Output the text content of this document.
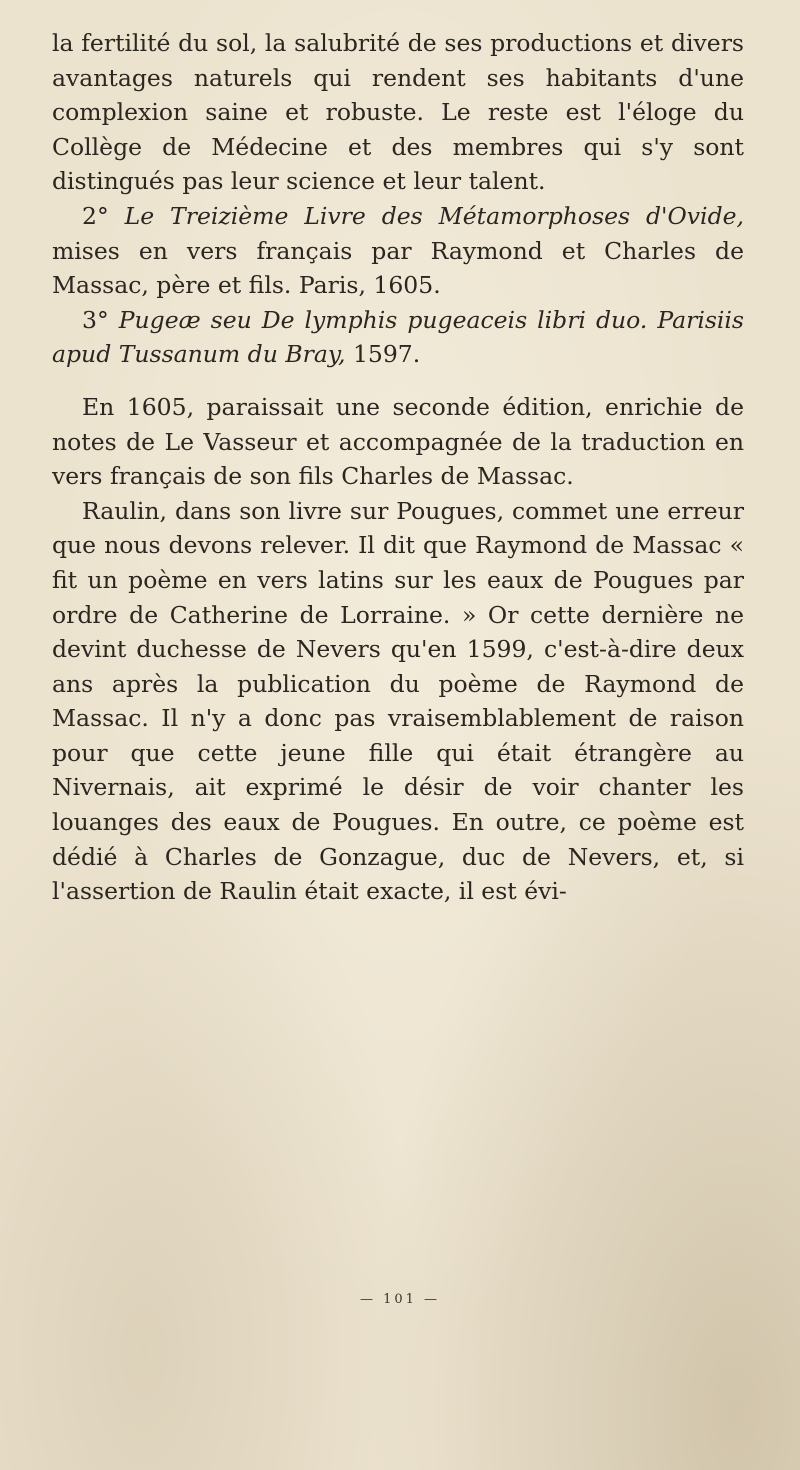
la fertilité du sol, la salubrité de ses productions et divers avantages naturels qui rendent ses habitants d'une complexion saine et robuste. Le reste est l'éloge du Collège de Médecine et des membres qui s'y sont distingués pas leur science et leur talent.

2° Le Treizième Livre des Métamorphoses d'Ovide, mises en vers français par Raymond et Charles de Massac, père et fils. Paris, 1605.

3° Pugeæ seu De lymphis pugeaceis libri duo. Parisiis apud Tussanum du Bray, 1597.

En 1605, paraissait une seconde édition, enrichie de notes de Le Vasseur et accompagnée de la traduction en vers français de son fils Charles de Massac.

Raulin, dans son livre sur Pougues, commet une erreur que nous devons relever. Il dit que Raymond de Massac « fit un poème en vers latins sur les eaux de Pougues par ordre de Catherine de Lorraine. » Or cette dernière ne devint duchesse de Nevers qu'en 1599, c'est-à-dire deux ans après la publication du poème de Raymond de Massac. Il n'y a donc pas vraisemblablement de raison pour que cette jeune fille qui était étrangère au Nivernais, ait exprimé le désir de voir chanter les louanges des eaux de Pougues. En outre, ce poème est dédié à Charles de Gonzague, duc de Nevers, et, si l'assertion de Raulin était exacte, il est évi-

— 101 —
